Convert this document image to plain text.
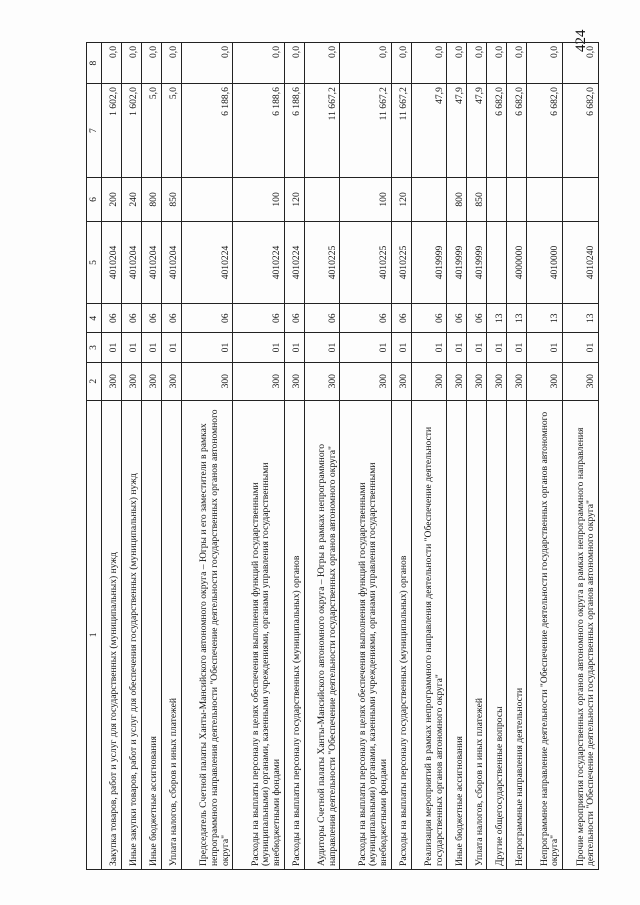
424
1	2	3	4	5	6	7	8
Закупка товаров, работ и услуг для государственных (муниципальных) нужд	300	01	06	4010204	200	1 602,0	0,0
Иные закупки товаров, работ и услуг для обеспечения государственных (муниципальных) нужд	300	01	06	4010204	240	1 602,0	0,0
Иные бюджетные ассигнования	300	01	06	4010204	800	5,0	0,0
Уплата налогов, сборов и иных платежей	300	01	06	4010204	850	5,0	0,0
Председатель Счетной палаты Ханты-Мансийского автономного округа – Югры и его заместители в рамках непрограммного направления деятельности "Обеспечение деятельности государственных органов автономного округа"	300	01	06	4010224		6 188,6	0,0
Расходы на выплаты персоналу в целях обеспечения выполнения функций государственными (муниципальными) органами, казенными учреждениями, органами управления государственными внебюджетными фондами	300	01	06	4010224	100	6 188,6	0,0
Расходы на выплаты персоналу государственных (муниципальных) органов	300	01	06	4010224	120	6 188,6	0,0
Аудиторы Счетной палаты Ханты-Мансийского автономного округа – Югры в рамках непрограммного направления деятельности "Обеспечение деятельности государственных органов автономного округа"	300	01	06	4010225		11 667,2	0,0
Расходы на выплаты персоналу в целях обеспечения выполнения функций государственными (муниципальными) органами, казенными учреждениями, органами управления государственными внебюджетными фондами	300	01	06	4010225	100	11 667,2	0,0
Расходы на выплаты персоналу государственных (муниципальных) органов	300	01	06	4010225	120	11 667,2	0,0
Реализация мероприятий в рамках непрограммного направления деятельности "Обеспечение деятельности государственных органов автономного округа"	300	01	06	4019999		47,9	0,0
Иные бюджетные ассигнования	300	01	06	4019999	800	47,9	0,0
Уплата налогов, сборов и иных платежей	300	01	06	4019999	850	47,9	0,0
Другие общегосударственные вопросы	300	01	13			6 682,0	0,0
Непрограммные направления деятельности	300	01	13	4000000		6 682,0	0,0
Непрограммное направление деятельности "Обеспечение деятельности государственных органов автономного округа"	300	01	13	4010000		6 682,0	0,0
Прочие мероприятия государственных органов автономного округа в рамках непрограммного направления деятельности "Обеспечение деятельности государственных органов автономного округа"	300	01	13	4010240		6 682,0	0,0
